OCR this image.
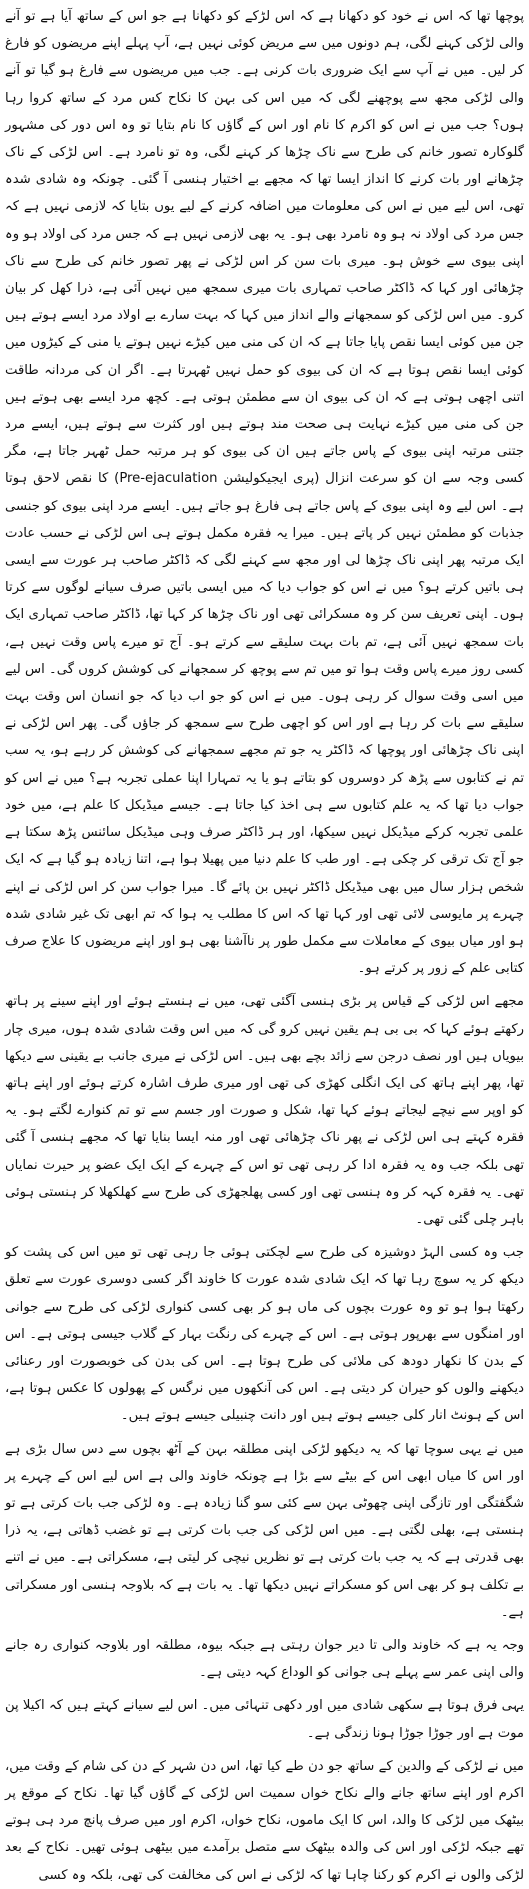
پوچھا تھا کہ اس نے خود کو دکھانا ہے کہ اس لڑکے کو دکھانا ہے جو اس کے ساتھ آیا ہے تو آنے والی لڑکی کہنے لگی، ہم دونوں میں سے مریض کوئی نہیں ہے، آپ پہلے اپنے مریضوں کو فارغ کر لیں۔ میں نے آپ سے ایک ضروری بات کرنی ہے۔ جب میں مریضوں سے فارغ ہو گیا تو آنے والی لڑکی مجھ سے پوچھنے لگی کہ میں اس کی بہن کا نکاح کس مرد کے ساتھ کروا رہا ہوں؟ جب میں نے اس کو اکرم کا نام اور اس کے گاؤں کا نام بتایا تو وہ اس دور کی مشہور گلوکارہ تصور خانم کی طرح سے ناک چڑھا کر کہنے لگی، وہ تو نامرد ہے۔ اس لڑکی کے ناک چڑھانے اور بات کرنے کا انداز ایسا تھا کہ مجھے بے اختیار ہنسی آ گئی۔ چونکہ وہ شادی شدہ تھی، اس لیے میں نے اس کی معلومات میں اضافہ کرنے کے لیے یوں بتایا کہ لازمی نہیں ہے کہ جس مرد کی اولاد نہ ہو وہ نامرد بھی ہو۔ یہ بھی لازمی نہیں ہے کہ جس مرد کی اولاد ہو وہ اپنی بیوی سے خوش ہو۔ میری بات سن کر اس لڑکی نے پھر تصور خانم کی طرح سے ناک چڑھائی اور کہا کہ ڈاکٹر صاحب تمہاری بات میری سمجھ میں نہیں آئی ہے، ذرا کھل کر بیان کرو۔ میں اس لڑکی کو سمجھانے والے انداز میں کہا کہ بہت سارے بے اولاد مرد ایسے ہوتے ہیں جن میں کوئی ایسا نقص پایا جاتا ہے کہ ان کی منی میں کیڑے نہیں ہوتے یا منی کے کیڑوں میں کوئی ایسا نقص ہوتا ہے کہ ان کی بیوی کو حمل نہیں ٹھہرتا ہے۔ اگر ان کی مردانہ طاقت اتنی اچھی ہوتی ہے کہ ان کی بیوی ان سے مطمئن ہوتی ہے۔ کچھ مرد ایسے بھی ہوتے ہیں جن کی منی میں کیڑے نہایت ہی صحت مند ہوتے ہیں اور کثرت سے ہوتے ہیں، ایسے مرد جتنی مرتبہ اپنی بیوی کے پاس جاتے ہیں ان کی بیوی کو ہر مرتبہ حمل ٹھہر جاتا ہے، مگر کسی وجہ سے ان کو سرعت انزال (پری ایجیکولیشن Pre-ejaculation) کا نقص لاحق ہوتا ہے۔ اس لیے وہ اپنی بیوی کے پاس جاتے ہی فارغ ہو جاتے ہیں۔ ایسے مرد اپنی بیوی کو جنسی جذبات کو مطمئن نہیں کر پاتے ہیں۔ میرا یہ فقرہ مکمل ہوتے ہی اس لڑکی نے حسب عادت ایک مرتبہ پھر اپنی ناک چڑھا لی اور مجھ سے کہنے لگی کہ ڈاکٹر صاحب ہر عورت سے ایسی ہی باتیں کرتے ہو؟ میں نے اس کو جواب دیا کہ میں ایسی باتیں صرف سیانے لوگوں سے کرتا ہوں۔ اپنی تعریف سن کر وہ مسکرائی تھی اور ناک چڑھا کر کہا تھا، ڈاکٹر صاحب تمہاری ایک بات سمجھ نہیں آئی ہے، تم بات بہت سلیقے سے کرتے ہو۔ آج تو میرے پاس وقت نہیں ہے، کسی روز میرے پاس وقت ہوا تو میں تم سے پوچھ کر سمجھانے کی کوشش کروں گی۔ اس لیے میں اسی وقت سوال کر رہی ہوں۔ میں نے اس کو جو اب دیا کہ جو انسان اس وقت بہت سلیقے سے بات کر رہا ہے اور اس کو اچھی طرح سے سمجھ کر جاؤں گی۔ پھر اس لڑکی نے اپنی ناک چڑھائی اور پوچھا کہ ڈاکٹر یہ جو تم مجھے سمجھانے کی کوشش کر رہے ہو، یہ سب تم نے کتابوں سے پڑھ کر دوسروں کو بتاتے ہو یا یہ تمہارا اپنا عملی تجربہ ہے؟ میں نے اس کو جواب دیا تھا کہ یہ علم کتابوں سے ہی اخذ کیا جاتا ہے۔ جیسے میڈیکل کا علم ہے، میں خود علمی تجربہ کرکے میڈیکل نہیں سیکھا، اور ہر ڈاکٹر صرف وہی میڈیکل سائنس پڑھ سکتا ہے جو آج تک ترقی کر چکی ہے۔ اور طب کا علم دنیا میں پھیلا ہوا ہے، اتنا زیادہ ہو گیا ہے کہ ایک شخص ہزار سال میں بھی میڈیکل ڈاکٹر نہیں بن پائے گا۔ میرا جواب سن کر اس لڑکی نے اپنے چہرے پر مایوسی لائی تھی اور کہا تھا کہ اس کا مطلب یہ ہوا کہ تم ابھی تک غیر شادی شدہ ہو اور میاں بیوی کے معاملات سے مکمل طور پر ناآشنا بھی ہو اور اپنے مریضوں کا علاج صرف کتابی علم کے زور پر کرتے ہو۔

مجھے اس لڑکی کے قیاس پر بڑی ہنسی آگئی تھی، میں نے ہنستے ہوئے اور اپنے سینے پر ہاتھ رکھتے ہوئے کہا کہ بی بی ہم یقین نہیں کرو گی کہ میں اس وقت شادی شدہ ہوں، میری چار بیویاں ہیں اور نصف درجن سے زائد بچے بھی ہیں۔ اس لڑکی نے میری جانب بے یقینی سے دیکھا تھا، پھر اپنے ہاتھ کی ایک انگلی کھڑی کی تھی اور میری طرف اشارہ کرتے ہوئے اور اپنے ہاتھ کو اوپر سے نیچے لیجاتے ہوئے کہا تھا، شکل و صورت اور جسم سے تو تم کنوارے لگتے ہو۔ یہ فقرہ کہتے ہی اس لڑکی نے پھر ناک چڑھائی تھی اور منہ ایسا بنایا تھا کہ مجھے ہنسی آ گئی تھی بلکہ جب وہ یہ فقرہ ادا کر رہی تھی تو اس کے چہرے کے ایک ایک عضو پر حیرت نمایاں تھی۔ یہ فقرہ کہہ کر وہ ہنسی تھی اور کسی پھلجھڑی کی طرح سے کھلکھلا کر ہنستی ہوئی باہر چلی گئی تھی۔

جب وہ کسی الہڑ دوشیزہ کی طرح سے لچکتی ہوئی جا رہی تھی تو میں اس کی پشت کو دیکھ کر یہ سوچ رہا تھا کہ ایک شادی شدہ عورت کا خاوند اگر کسی دوسری عورت سے تعلق رکھتا ہوا ہو تو وہ عورت بچوں کی ماں ہو کر بھی کسی کنواری لڑکی کی طرح سے جوانی اور امنگوں سے بھرپور ہوتی ہے۔ اس کے چہرے کی رنگت بہار کے گلاب جیسی ہوتی ہے۔ اس کے بدن کا نکھار دودھ کی ملائی کی طرح ہوتا ہے۔ اس کی بدن کی خوبصورت اور رعنائی دیکھنے والوں کو حیران کر دیتی ہے۔ اس کی آنکھوں میں نرگس کے پھولوں کا عکس ہوتا ہے، اس کے ہونٹ انار کلی جیسے ہوتے ہیں اور دانت چنبیلی جیسے ہوتے ہیں۔

میں نے یہی سوچا تھا کہ یہ دیکھو لڑکی اپنی مطلقہ بہن کے آٹھ بچوں سے دس سال بڑی ہے اور اس کا میاں ابھی اس کے بیٹے سے بڑا ہے چونکہ خاوند والی ہے اس لیے اس کے چہرے پر شگفتگی اور تازگی اپنی چھوٹی بہن سے کئی سو گنا زیادہ ہے۔ وہ لڑکی جب بات کرتی ہے تو ہنستی ہے، بھلی لگتی ہے۔ میں اس لڑکی کی جب بات کرتی ہے تو غضب ڈھاتی ہے، یہ ذرا بھی قدرتی ہے کہ یہ جب بات کرتی ہے تو نظریں نیچی کر لیتی ہے، مسکراتی ہے۔ میں نے اتنے بے تکلف ہو کر بھی اس کو مسکراتے نہیں دیکھا تھا۔ یہ بات ہے کہ بلاوجہ ہنسی اور مسکراتی ہے۔

وجہ یہ ہے کہ خاوند والی تا دیر جوان رہتی ہے جبکہ بیوہ، مطلقہ اور بلاوجہ کنواری رہ جانے والی اپنی عمر سے پہلے ہی جوانی کو الوداع کہہ دیتی ہے۔

یہی فرق ہوتا ہے سکھی شادی میں اور دکھی تنہائی میں۔ اس لیے سیانے کہتے ہیں کہ اکیلا پن موت ہے اور جوڑا جوڑا ہونا زندگی ہے۔

میں نے لڑکی کے والدین کے ساتھ جو دن طے کیا تھا، اس دن شہر کے دن کی شام کے وقت میں، اکرم اور اپنے ساتھ جانے والے نکاح خواں سمیت اس لڑکی کے گاؤں گیا تھا۔ نکاح کے موقع پر بیٹھک میں لڑکی کا والد، اس کا ایک ماموں، نکاح خواں، اکرم اور میں صرف پانچ مرد ہی ہوتے تھے جبکہ لڑکی اور اس کی والدہ بیٹھک سے متصل برآمدے میں بیٹھی ہوئی تھیں۔ نکاح کے بعد لڑکی والوں نے اکرم کو رکنا چاہا تھا کہ لڑکی نے اس کی مخالفت کی تھی، بلکہ وہ کسی
